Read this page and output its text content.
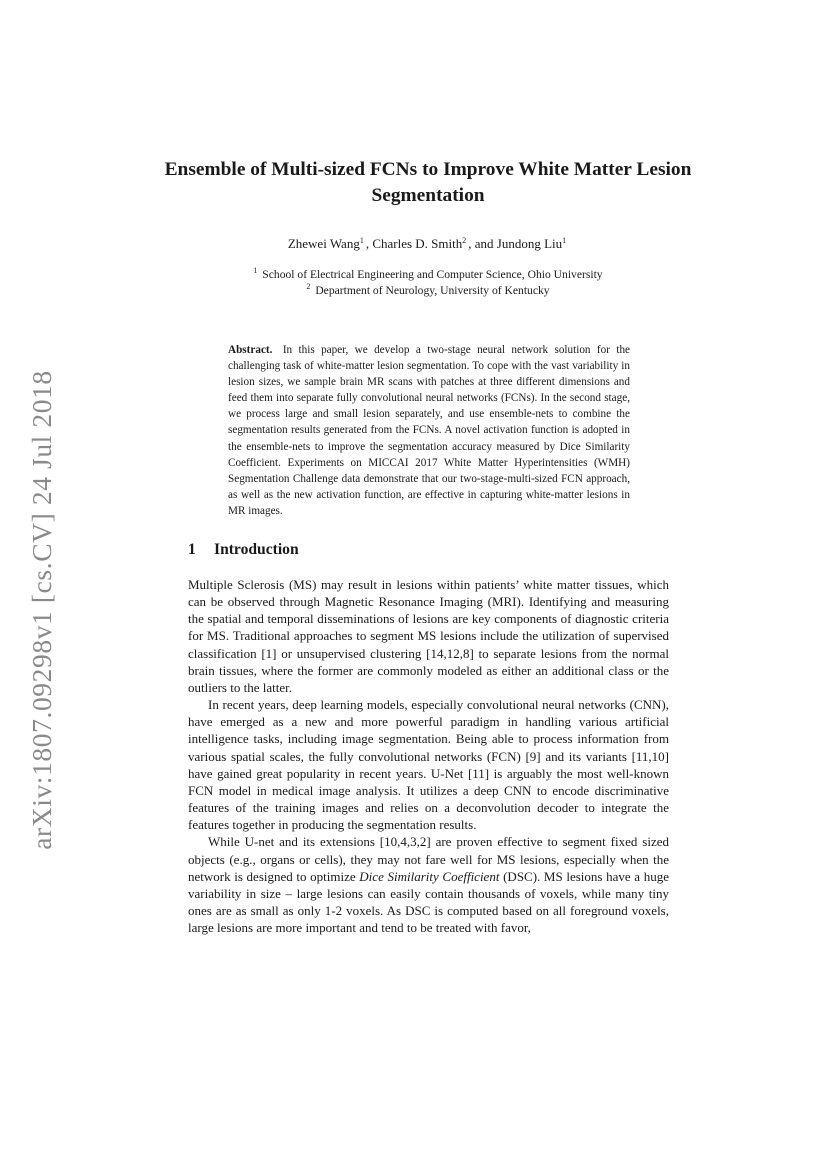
arXiv:1807.09298v1 [cs.CV] 24 Jul 2018
Ensemble of Multi-sized FCNs to Improve White Matter Lesion Segmentation
Zhewei Wang$^1$ , Charles D. Smith$^2$ , and Jundong Liu$^1$
$^1$ School of Electrical Engineering and Computer Science, Ohio University
$^2$ Department of Neurology, University of Kentucky

Abstract. In this paper, we develop a two-stage neural network solution for the challenging task of white-matter lesion segmentation. To cope with the vast variability in lesion sizes, we sample brain MR scans with patches at three different dimensions and feed them into separate fully convolutional neural networks (FCNs). In the second stage, we process large and small lesion separately, and use ensemble-nets to combine the segmentation results generated from the FCNs. A novel activation function is adopted in the ensemble-nets to improve the segmentation accuracy measured by Dice Similarity Coefficient. Experiments on MICCAI 2017 White Matter Hyperintensities (WMH) Segmentation Challenge data demonstrate that our two-stage-multi-sized FCN approach, as well as the new activation function, are effective in capturing white-matter lesions in MR images.

1 Introduction

Multiple Sclerosis (MS) may result in lesions within patients’ white matter tissues, which can be observed through Magnetic Resonance Imaging (MRI). Identifying and measuring the spatial and temporal disseminations of lesions are key components of diagnostic criteria for MS. Traditional approaches to segment MS lesions include the utilization of supervised classification [1] or unsupervised clustering [14,12,8] to separate lesions from the normal brain tissues, where the former are commonly modeled as either an additional class or the outliers to the latter.

In recent years, deep learning models, especially convolutional neural networks (CNN), have emerged as a new and more powerful paradigm in handling various artificial intelligence tasks, including image segmentation. Being able to process information from various spatial scales, the fully convolutional networks (FCN) [9] and its variants [11,10] have gained great popularity in recent years. U-Net [11] is arguably the most well-known FCN model in medical image analysis. It utilizes a deep CNN to encode discriminative features of the training images and relies on a deconvolution decoder to integrate the features together in producing the segmentation results.

While U-net and its extensions [10,4,3,2] are proven effective to segment fixed sized objects (e.g., organs or cells), they may not fare well for MS lesions, especially when the network is designed to optimize Dice Similarity Coefficient (DSC). MS lesions have a huge variability in size – large lesions can easily contain thousands of voxels, while many tiny ones are as small as only 1-2 voxels. As DSC is computed based on all foreground voxels, large lesions are more important and tend to be treated with favor,
